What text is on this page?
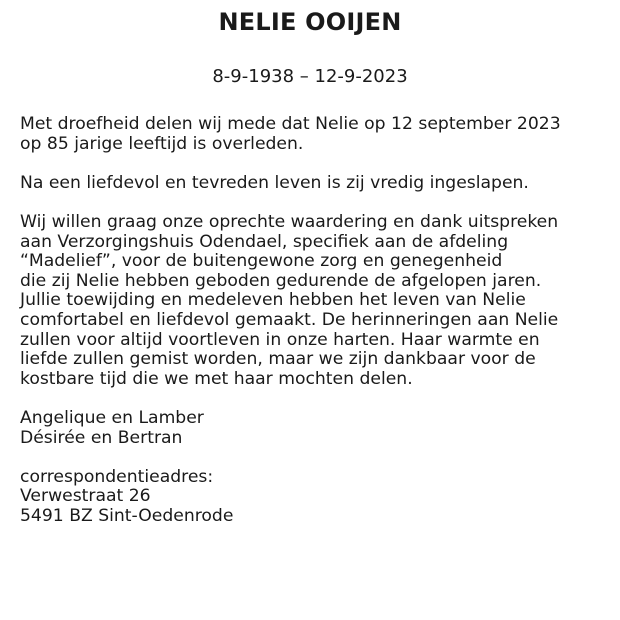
NELIE OOIJEN

8-9-1938 – 12-9-2023

Met droefheid delen wij mede dat Nelie op 12 september 2023
op 85 jarige leeftijd is overleden.
Na een liefdevol en tevreden leven is zij vredig ingeslapen.
Wij willen graag onze oprechte waardering en dank uitspreken
aan Verzorgingshuis Odendael, specifiek aan de afdeling
“Madelief”, voor de buitengewone zorg en genegenheid
die zij Nelie hebben geboden gedurende de afgelopen jaren.
Jullie toewijding en medeleven hebben het leven van Nelie
comfortabel en liefdevol gemaakt. De herinneringen aan Nelie
zullen voor altijd voortleven in onze harten. Haar warmte en
liefde zullen gemist worden, maar we zijn dankbaar voor de
kostbare tijd die we met haar mochten delen.
Angelique en Lamber
Désirée en Bertran
correspondentieadres:
Verwestraat 26
5491 BZ Sint-Oedenrode
